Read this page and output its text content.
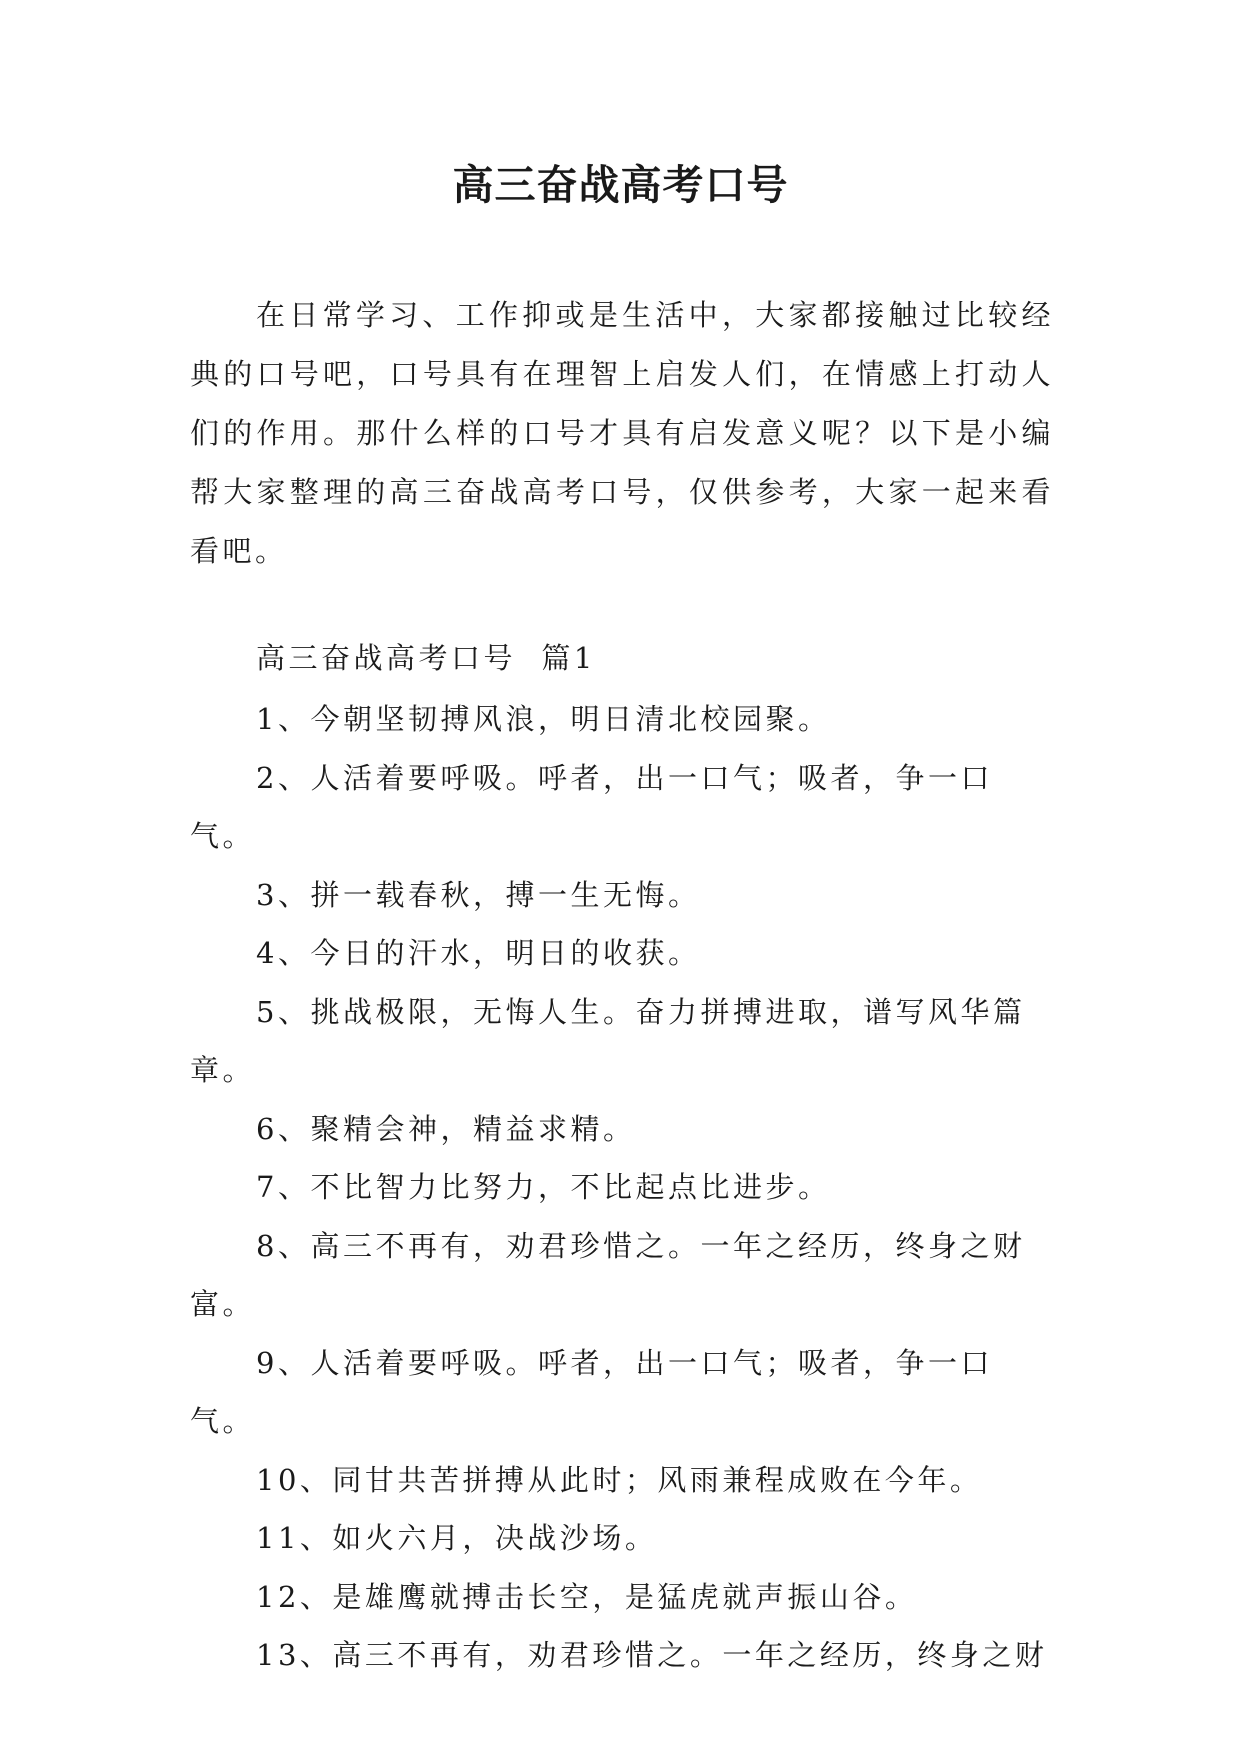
高三奋战高考口号

在日常学习、工作抑或是生活中，大家都接触过比较经典的口号吧，口号具有在理智上启发人们，在情感上打动人们的作用。那什么样的口号才具有启发意义呢？以下是小编帮大家整理的高三奋战高考口号，仅供参考，大家一起来看看吧。

高三奋战高考口号  篇1
1、今朝坚韧搏风浪，明日清北校园聚。
2、人活着要呼吸。呼者，出一口气；吸者，争一口气。
3、拼一载春秋，搏一生无悔。
4、今日的汗水，明日的收获。
5、挑战极限，无悔人生。奋力拼搏进取，谱写风华篇章。
6、聚精会神，精益求精。
7、不比智力比努力，不比起点比进步。
8、高三不再有，劝君珍惜之。一年之经历，终身之财富。
9、人活着要呼吸。呼者，出一口气；吸者，争一口气。
10、同甘共苦拼搏从此时；风雨兼程成败在今年。
11、如火六月，决战沙场。
12、是雄鹰就搏击长空，是猛虎就声振山谷。
13、高三不再有，劝君珍惜之。一年之经历，终身之财
